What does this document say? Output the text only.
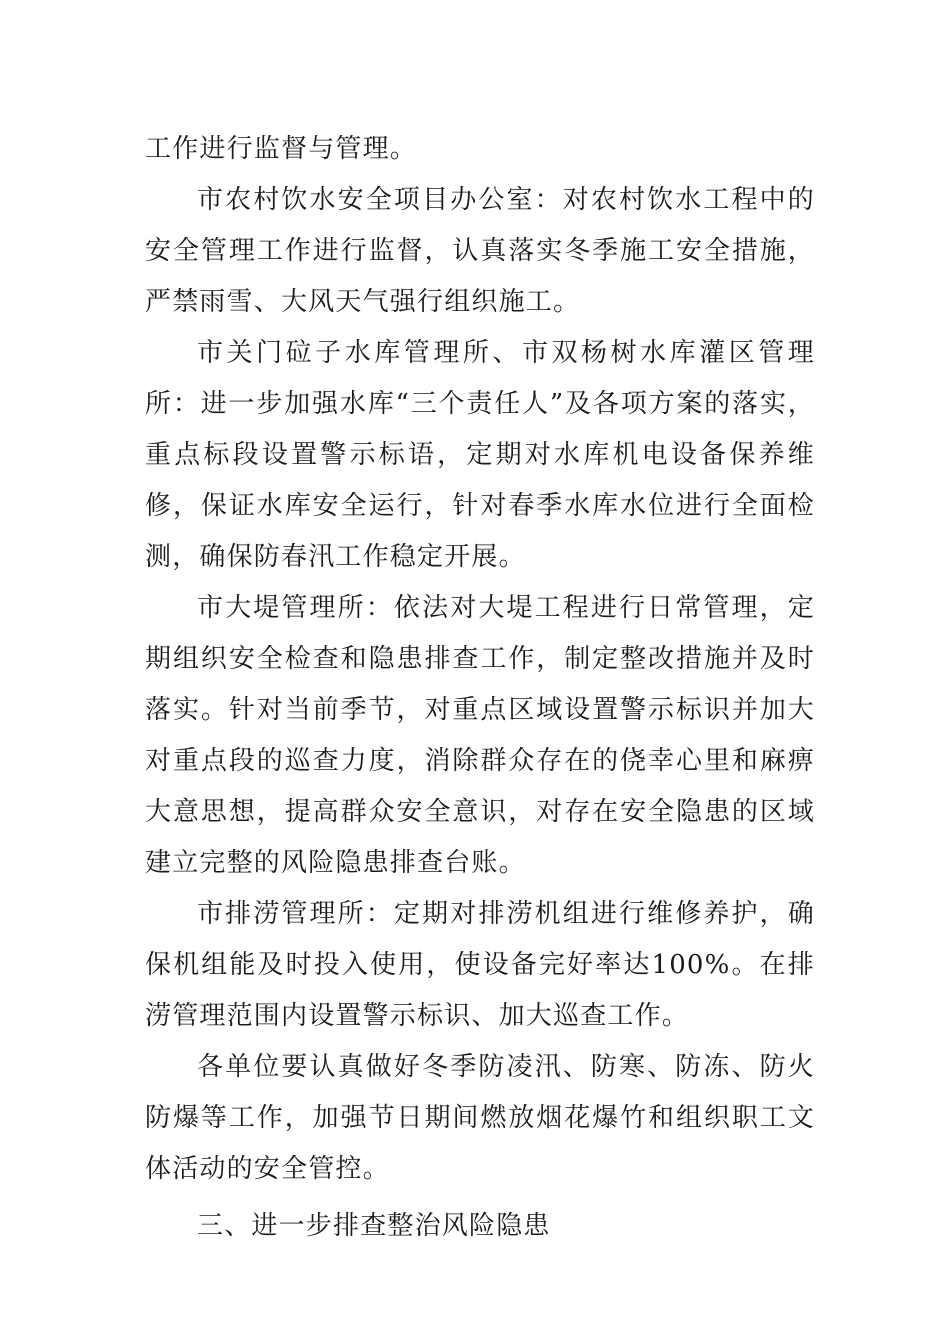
工作进行监督与管理。

市农村饮水安全项目办公室：对农村饮水工程中的安全管理工作进行监督，认真落实冬季施工安全措施，严禁雨雪、大风天气强行组织施工。

市关门砬子水库管理所、市双杨树水库灌区管理所：进一步加强水库“三个责任人”及各项方案的落实，重点标段设置警示标语，定期对水库机电设备保养维修，保证水库安全运行，针对春季水库水位进行全面检测，确保防春汛工作稳定开展。

市大堤管理所：依法对大堤工程进行日常管理，定期组织安全检查和隐患排查工作，制定整改措施并及时落实。针对当前季节，对重点区域设置警示标识并加大对重点段的巡查力度，消除群众存在的侥幸心里和麻痹大意思想，提高群众安全意识，对存在安全隐患的区域建立完整的风险隐患排查台账。

市排涝管理所：定期对排涝机组进行维修养护，确保机组能及时投入使用，使设备完好率达100%。在排涝管理范围内设置警示标识、加大巡查工作。

各单位要认真做好冬季防凌汛、防寒、防冻、防火防爆等工作，加强节日期间燃放烟花爆竹和组织职工文体活动的安全管控。

三、进一步排查整治风险隐患
